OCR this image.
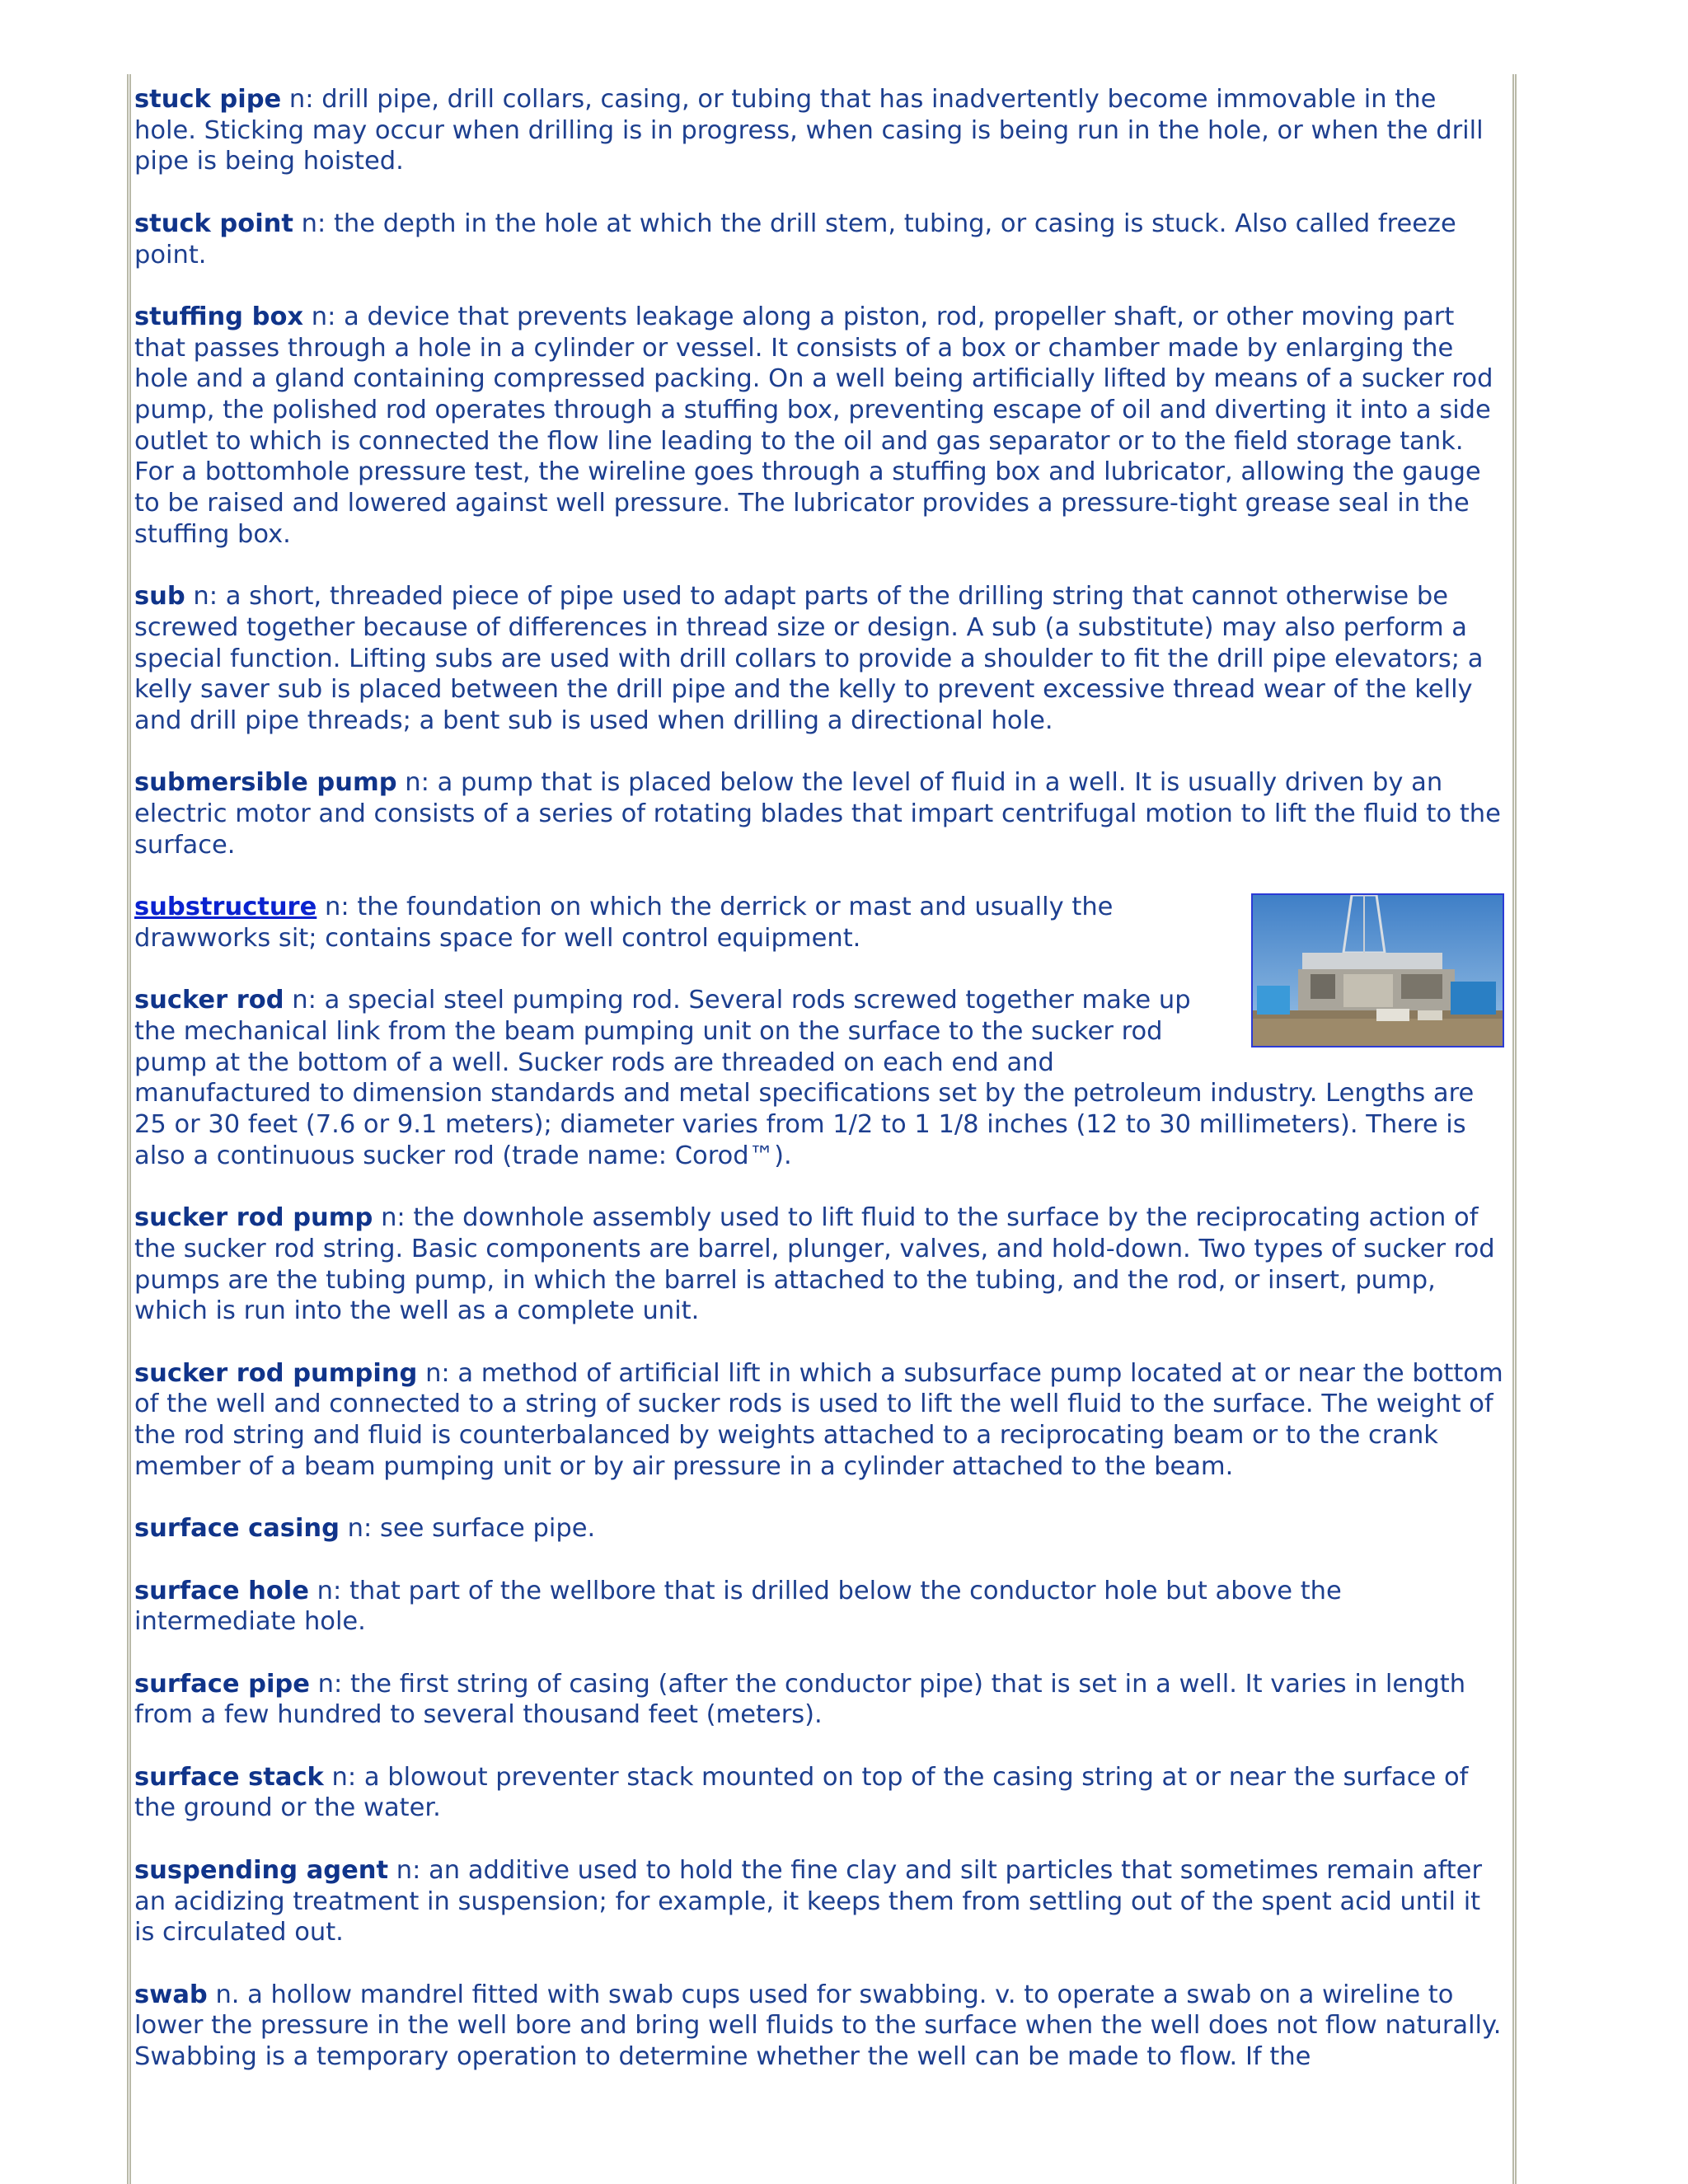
stuck pipe n: drill pipe, drill collars, casing, or tubing that has inadvertently become immovable in the hole. Sticking may occur when drilling is in progress, when casing is being run in the hole, or when the drill pipe is being hoisted.

stuck point n: the depth in the hole at which the drill stem, tubing, or casing is stuck. Also called freeze point.

stuffing box n: a device that prevents leakage along a piston, rod, propeller shaft, or other moving part that passes through a hole in a cylinder or vessel. It consists of a box or chamber made by enlarging the hole and a gland containing compressed packing. On a well being artificially lifted by means of a sucker rod pump, the polished rod operates through a stuffing box, preventing escape of oil and diverting it into a side outlet to which is connected the flow line leading to the oil and gas separator or to the field storage tank. For a bottomhole pressure test, the wireline goes through a stuffing box and lubricator, allowing the gauge to be raised and lowered against well pressure. The lubricator provides a pressure-tight grease seal in the stuffing box.

sub n: a short, threaded piece of pipe used to adapt parts of the drilling string that cannot otherwise be screwed together because of differences in thread size or design. A sub (a substitute) may also perform a special function. Lifting subs are used with drill collars to provide a shoulder to fit the drill pipe elevators; a kelly saver sub is placed between the drill pipe and the kelly to prevent excessive thread wear of the kelly and drill pipe threads; a bent sub is used when drilling a directional hole.

submersible pump n: a pump that is placed below the level of fluid in a well. It is usually driven by an electric motor and consists of a series of rotating blades that impart centrifugal motion to lift the fluid to the surface.

substructure n: the foundation on which the derrick or mast and usually the drawworks sit; contains space for well control equipment.

sucker rod n: a special steel pumping rod. Several rods screwed together make up the mechanical link from the beam pumping unit on the surface to the sucker rod pump at the bottom of a well. Sucker rods are threaded on each end and manufactured to dimension standards and metal specifications set by the petroleum industry. Lengths are 25 or 30 feet (7.6 or 9.1 meters); diameter varies from 1/2 to 1 1/8 inches (12 to 30 millimeters). There is also a continuous sucker rod (trade name: Corod™).

sucker rod pump n: the downhole assembly used to lift fluid to the surface by the reciprocating action of the sucker rod string. Basic components are barrel, plunger, valves, and hold-down. Two types of sucker rod pumps are the tubing pump, in which the barrel is attached to the tubing, and the rod, or insert, pump, which is run into the well as a complete unit.

sucker rod pumping n: a method of artificial lift in which a subsurface pump located at or near the bottom of the well and connected to a string of sucker rods is used to lift the well fluid to the surface. The weight of the rod string and fluid is counterbalanced by weights attached to a reciprocating beam or to the crank member of a beam pumping unit or by air pressure in a cylinder attached to the beam.

surface casing n: see surface pipe.

surface hole n: that part of the wellbore that is drilled below the conductor hole but above the intermediate hole.

surface pipe n: the first string of casing (after the conductor pipe) that is set in a well. It varies in length from a few hundred to several thousand feet (meters).

surface stack n: a blowout preventer stack mounted on top of the casing string at or near the surface of the ground or the water.

suspending agent n: an additive used to hold the fine clay and silt particles that sometimes remain after an acidizing treatment in suspension; for example, it keeps them from settling out of the spent acid until it is circulated out.

swab n. a hollow mandrel fitted with swab cups used for swabbing. v. to operate a swab on a wireline to lower the pressure in the well bore and bring well fluids to the surface when the well does not flow naturally. Swabbing is a temporary operation to determine whether the well can be made to flow. If the
